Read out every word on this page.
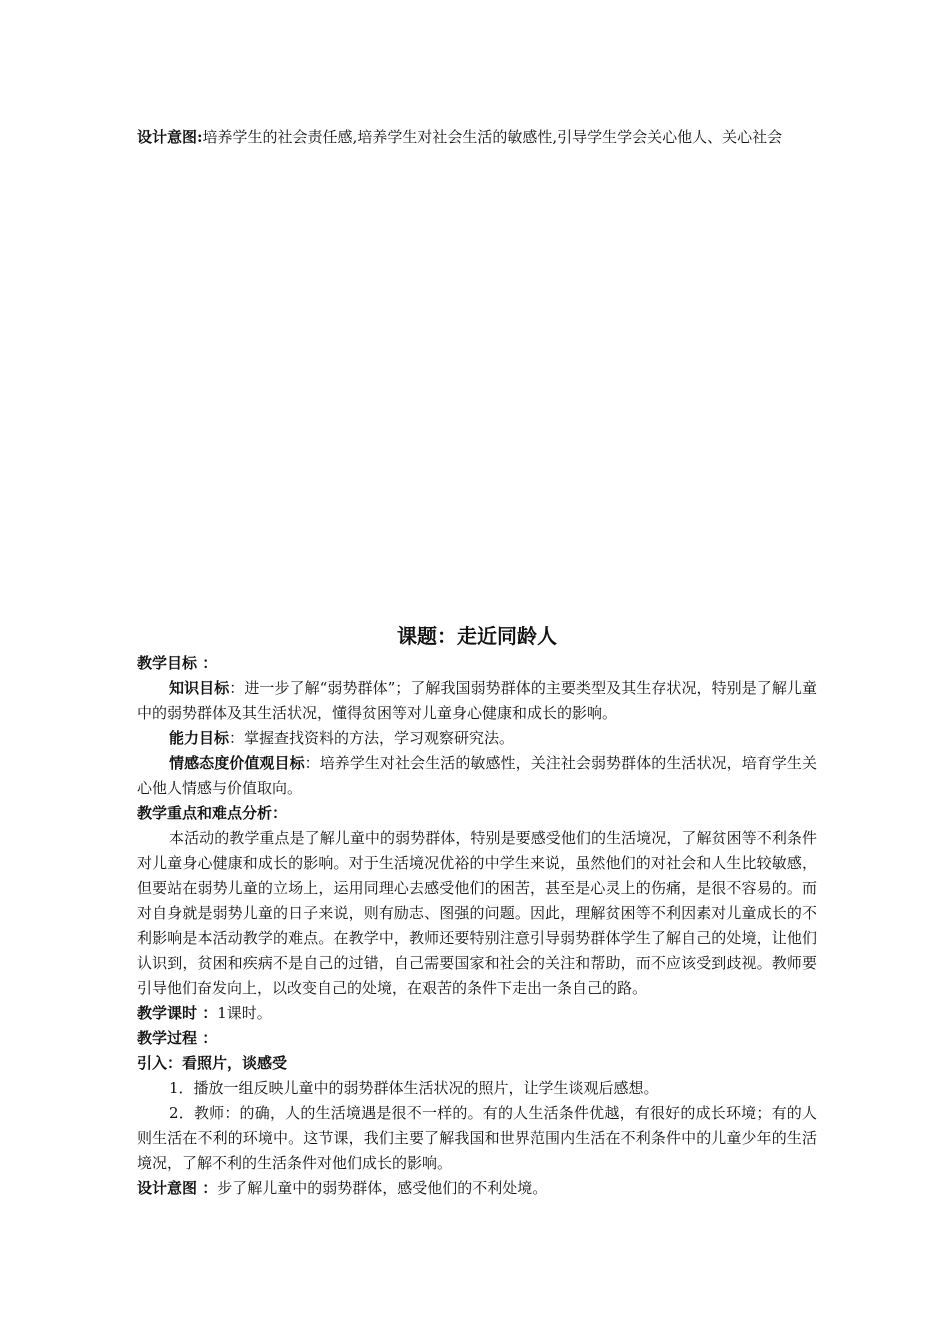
设计意图:培养学生的社会责任感,培养学生对社会生活的敏感性,引导学生学会关心他人、关心社会

课题：走近同龄人

教学目标 ：

知识目标：进一步了解“弱势群体”；了解我国弱势群体的主要类型及其生存状况，特别是了解儿童中的弱势群体及其生活状况，懂得贫困等对儿童身心健康和成长的影响。

能力目标：掌握查找资料的方法，学习观察研究法。

情感态度价值观目标：培养学生对社会生活的敏感性，关注社会弱势群体的生活状况，培育学生关心他人情感与价值取向。

教学重点和难点分析：

本活动的教学重点是了解儿童中的弱势群体，特别是要感受他们的生活境况，了解贫困等不利条件对儿童身心健康和成长的影响。对于生活境况优裕的中学生来说，虽然他们的对社会和人生比较敏感，但要站在弱势儿童的立场上，运用同理心去感受他们的困苦，甚至是心灵上的伤痛，是很不容易的。而对自身就是弱势儿童的日子来说，则有励志、图强的问题。因此，理解贫困等不利因素对儿童成长的不利影响是本活动教学的难点。在教学中，教师还要特别注意引导弱势群体学生了解自己的处境，让他们认识到，贫困和疾病不是自己的过错，自己需要国家和社会的关注和帮助，而不应该受到歧视。教师要引导他们奋发向上，以改变自己的处境，在艰苦的条件下走出一条自己的路。

教学课时 ：1课时。

教学过程 ：

引入：看照片，谈感受

1．播放一组反映儿童中的弱势群体生活状况的照片，让学生谈观后感想。

2．教师：的确，人的生活境遇是很不一样的。有的人生活条件优越，有很好的成长环境；有的人则生活在不利的环境中。这节课，我们主要了解我国和世界范围内生活在不利条件中的儿童少年的生活境况，了解不利的生活条件对他们成长的影响。

设计意图 ：步了解儿童中的弱势群体，感受他们的不利处境。
